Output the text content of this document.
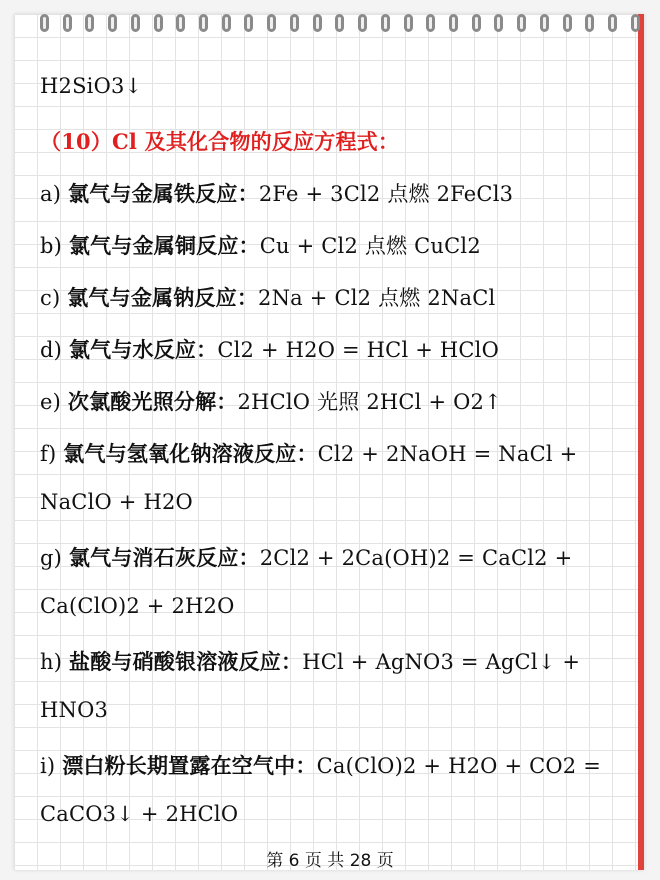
H2SiO3↓
（10）Cl 及其化合物的反应方程式：
a) 氯气与金属铁反应：2Fe + 3Cl2 点燃 2FeCl3
b) 氯气与金属铜反应：Cu + Cl2 点燃 CuCl2
c) 氯气与金属钠反应：2Na + Cl2 点燃 2NaCl
d) 氯气与水反应：Cl2 + H2O = HCl + HClO
e) 次氯酸光照分解：2HClO 光照 2HCl + O2↑
f) 氯气与氢氧化钠溶液反应：Cl2 + 2NaOH = NaCl +
NaClO + H2O
g) 氯气与消石灰反应：2Cl2 + 2Ca(OH)2 = CaCl2 +
Ca(ClO)2 + 2H2O
h) 盐酸与硝酸银溶液反应：HCl + AgNO3 = AgCl↓ +
HNO3
i) 漂白粉长期置露在空气中：Ca(ClO)2 + H2O + CO2 =
CaCO3↓ + 2HClO
第 6 页 共 28 页
